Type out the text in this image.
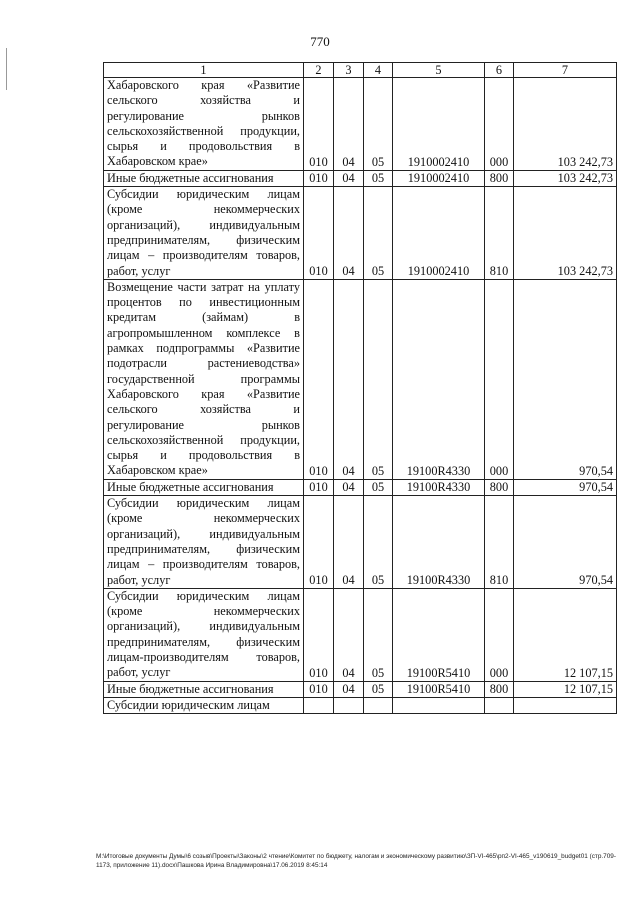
770
1	2	3	4	5	6	7
Хабаровского края «Развитие сельского хозяйства и регулирование рынков сельскохозяйственной продукции, сырья и продовольствия в Хабаровском крае»	010	04	05	1910002410	000	103 242,73
Иные бюджетные ассигнования	010	04	05	1910002410	800	103 242,73
Субсидии юридическим лицам (кроме некоммерческих организаций), индивидуальным предпринимателям, физическим лицам – производителям товаров, работ, услуг	010	04	05	1910002410	810	103 242,73
Возмещение части затрат на уплату процентов по инвестиционным кредитам (займам) в агропромышленном комплексе в рамках подпрограммы «Развитие подотрасли растениеводства» государственной программы Хабаровского края «Развитие сельского хозяйства и регулирование рынков сельскохозяйственной продукции, сырья и продовольствия в Хабаровском крае»	010	04	05	19100R4330	000	970,54
Иные бюджетные ассигнования	010	04	05	19100R4330	800	970,54
Субсидии юридическим лицам (кроме некоммерческих организаций), индивидуальным предпринимателям, физическим лицам – производителям товаров, работ, услуг	010	04	05	19100R4330	810	970,54
Субсидии юридическим лицам (кроме некоммерческих организаций), индивидуальным предпринимателям, физическим лицам-производителям товаров, работ, услуг	010	04	05	19100R5410	000	12 107,15
Иные бюджетные ассигнования	010	04	05	19100R5410	800	12 107,15
Субсидии юридическим лицам						
М:\Итоговые документы Думы\6 созыв\Проекты\Законы\2 чтение\Комитет по бюджету, налогам и экономическому развитию\ЗП-VI-465\рп2-VI-465_v190619_budget01 (стр.709-1173, приложение 11).docx\Пашкова Ирина Владимировна\17.06.2019 8:45:14
